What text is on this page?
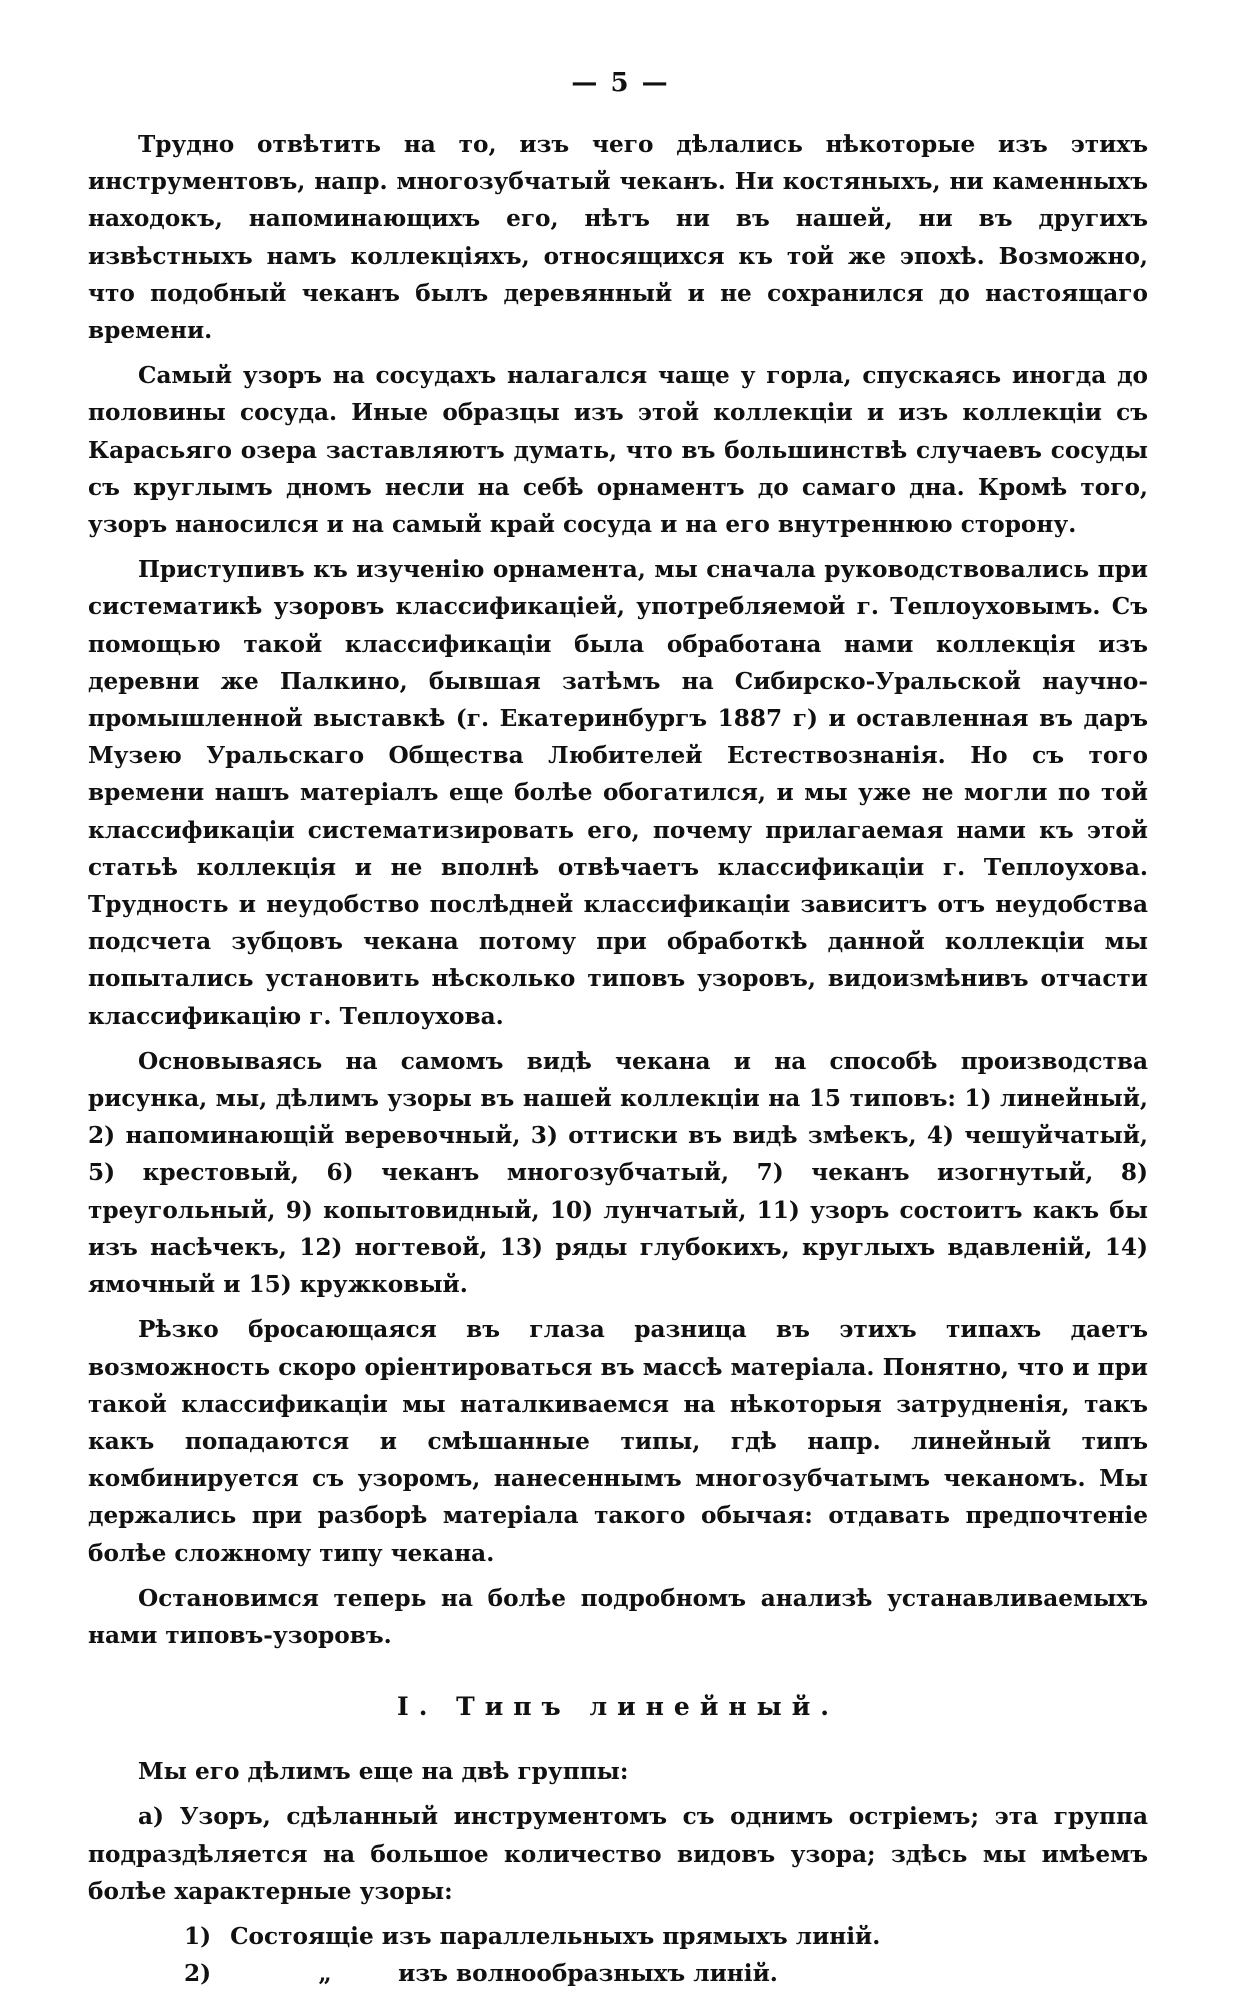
— 5 —

Трудно отвѣтить на то, изъ чего дѣлались нѣкоторые изъ этихъ инструментовъ, напр. многозубчатый чеканъ. Ни костяныхъ, ни каменныхъ находокъ, напоминающихъ его, нѣтъ ни въ нашей, ни въ другихъ извѣстныхъ намъ коллекціяхъ, относящихся къ той же эпохѣ. Возможно, что подобный чеканъ былъ деревянный и не сохранился до настоящаго времени.

Самый узоръ на сосудахъ налагался чаще у горла, спускаясь иногда до половины сосуда. Иные образцы изъ этой коллекціи и изъ коллекціи съ Карасьяго озера заставляютъ думать, что въ большинствѣ случаевъ сосуды съ круглымъ дномъ несли на себѣ орнаментъ до самаго дна. Кромѣ того, узоръ наносился и на самый край сосуда и на его внутреннюю сторону.

Приступивъ къ изученію орнамента, мы сначала руководствовались при систематикѣ узоровъ классификаціей, употребляемой г. Теплоуховымъ. Съ помощью такой классификаціи была обработана нами коллекція изъ деревни же Палкино, бывшая затѣмъ на Сибирско-Уральской научно-промышленной выставкѣ (г. Екатеринбургъ 1887 г) и оставленная въ даръ Музею Уральскаго Общества Любителей Естествознанія. Но съ того времени нашъ матеріалъ еще болѣе обогатился, и мы уже не могли по той классификаціи систематизировать его, почему прилагаемая нами къ этой статьѣ коллекція и не вполнѣ отвѣчаетъ классификаціи г. Теплоухова. Трудность и неудобство послѣдней классификаціи зависитъ отъ неудобства подсчета зубцовъ чекана потому при обработкѣ данной коллекціи мы попытались установить нѣсколько типовъ узоровъ, видоизмѣнивъ отчасти классификацію г. Теплоухова.

Основываясь на самомъ видѣ чекана и на способѣ производства рисунка, мы, дѣлимъ узоры въ нашей коллекціи на 15 типовъ: 1) линейный, 2) напоминающій веревочный, 3) оттиски въ видѣ змѣекъ, 4) чешуйчатый, 5) крестовый, 6) чеканъ многозубчатый, 7) чеканъ изогнутый, 8) треугольный, 9) копытовидный, 10) лунчатый, 11) узоръ состоитъ какъ бы изъ насѣчекъ, 12) ногтевой, 13) ряды глубокихъ, круглыхъ вдавленій, 14) ямочный и 15) кружковый.

Рѣзко бросающаяся въ глаза разница въ этихъ типахъ даетъ возможность скоро оріентироваться въ массѣ матеріала. Понятно, что и при такой классификаціи мы наталкиваемся на нѣкоторыя затрудненія, такъ какъ попадаются и смѣшанные типы, гдѣ напр. линейный типъ комбинируется съ узоромъ, нанесеннымъ многозубчатымъ чеканомъ. Мы держались при разборѣ матеріала такого обычая: отдавать предпочтеніе болѣе сложному типу чекана.

Остановимся теперь на болѣе подробномъ анализѣ устанавливаемыхъ нами типовъ-узоровъ.

I. Типъ линейный.

Мы его дѣлимъ еще на двѣ группы:

а) Узоръ, сдѣланный инструментомъ съ однимъ остріемъ; эта группа подраздѣляется на большое количество видовъ узора; здѣсь мы имѣемъ болѣе характерные узоры:

1) Состоящіе изъ параллельныхъ прямыхъ линій.

2)	„	изъ волнообразныхъ линій.
